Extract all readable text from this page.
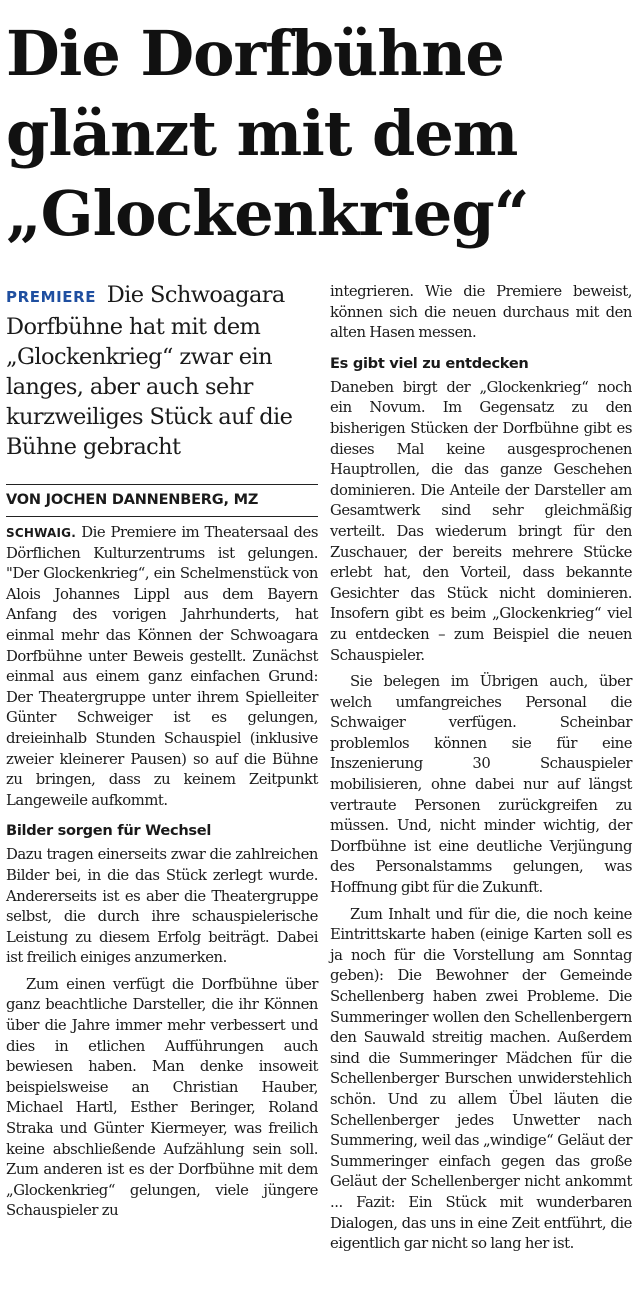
Die Dorfbühne
glänzt mit dem
„Glockenkrieg“

PREMIERE Die Schwoagara Dorfbühne hat mit dem „Glockenkrieg“ zwar ein langes, aber auch sehr kurzweiliges Stück auf die Bühne gebracht

VON JOCHEN DANNENBERG, MZ

SCHWAIG. Die Premiere im Theatersaal des Dörflichen Kulturzentrums ist gelungen. "Der Glockenkrieg“, ein Schelmenstück von Alois Johannes Lippl aus dem Bayern Anfang des vorigen Jahrhunderts, hat einmal mehr das Können der Schwoagara Dorfbühne unter Beweis gestellt. Zunächst einmal aus einem ganz einfachen Grund: Der Theatergruppe unter ihrem Spielleiter Günter Schweiger ist es gelungen, dreieinhalb Stunden Schauspiel (inklusive zweier kleinerer Pausen) so auf die Bühne zu bringen, dass zu keinem Zeitpunkt Langeweile aufkommt.

Bilder sorgen für Wechsel

Dazu tragen einerseits zwar die zahlreichen Bilder bei, in die das Stück zerlegt wurde. Andererseits ist es aber die Theatergruppe selbst, die durch ihre schauspielerische Leistung zu diesem Erfolg beiträgt. Dabei ist freilich einiges anzumerken.

Zum einen verfügt die Dorfbühne über ganz beachtliche Darsteller, die ihr Können über die Jahre immer mehr verbessert und dies in etlichen Aufführungen auch bewiesen haben. Man denke insoweit beispielsweise an Christian Hauber, Michael Hartl, Esther Beringer, Roland Straka und Günter Kiermeyer, was freilich keine abschließende Aufzählung sein soll. Zum anderen ist es der Dorfbühne mit dem „Glockenkrieg“ gelungen, viele jüngere Schauspieler zu

integrieren. Wie die Premiere beweist, können sich die neuen durchaus mit den alten Hasen messen.

Es gibt viel zu entdecken

Daneben birgt der „Glockenkrieg“ noch ein Novum. Im Gegensatz zu den bisherigen Stücken der Dorfbühne gibt es dieses Mal keine ausgesprochenen Hauptrollen, die das ganze Geschehen dominieren. Die Anteile der Darsteller am Gesamtwerk sind sehr gleichmäßig verteilt. Das wiederum bringt für den Zuschauer, der bereits mehrere Stücke erlebt hat, den Vorteil, dass bekannte Gesichter das Stück nicht dominieren. Insofern gibt es beim „Glockenkrieg“ viel zu entdecken – zum Beispiel die neuen Schauspieler.

Sie belegen im Übrigen auch, über welch umfangreiches Personal die Schwaiger verfügen. Scheinbar problemlos können sie für eine Inszenierung 30 Schauspieler mobilisieren, ohne dabei nur auf längst vertraute Personen zurückgreifen zu müssen. Und, nicht minder wichtig, der Dorfbühne ist eine deutliche Verjüngung des Personalstamms gelungen, was Hoffnung gibt für die Zukunft.

Zum Inhalt und für die, die noch keine Eintrittskarte haben (einige Karten soll es ja noch für die Vorstellung am Sonntag geben): Die Bewohner der Gemeinde Schellenberg haben zwei Probleme. Die Summeringer wollen den Schellenbergern den Sauwald streitig machen. Außerdem sind die Summeringer Mädchen für die Schellenberger Burschen unwiderstehlich schön. Und zu allem Übel läuten die Schellenberger jedes Unwetter nach Summering, weil das „windige“ Geläut der Summeringer einfach gegen das große Geläut der Schellenberger nicht ankommt ... Fazit: Ein Stück mit wunderbaren Dialogen, das uns in eine Zeit entführt, die eigentlich gar nicht so lang her ist.
